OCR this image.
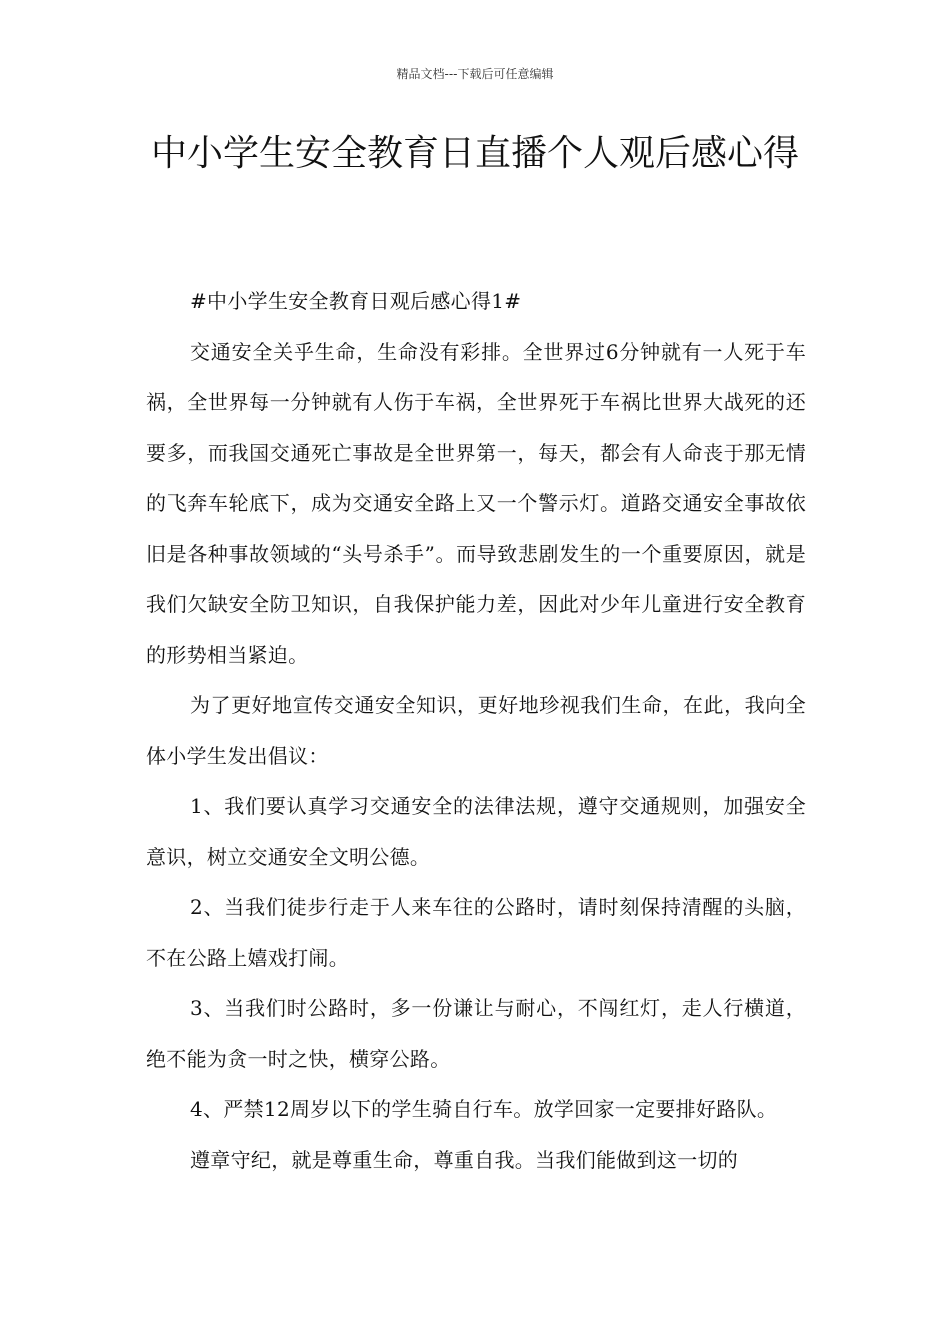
精品文档---下载后可任意编辑
中小学生安全教育日直播个人观后感心得

#中小学生安全教育日观后感心得1#

交通安全关乎生命，生命没有彩排。全世界过6分钟就有一人死于车祸，全世界每一分钟就有人伤于车祸，全世界死于车祸比世界大战死的还要多，而我国交通死亡事故是全世界第一，每天，都会有人命丧于那无情的飞奔车轮底下，成为交通安全路上又一个警示灯。道路交通安全事故依旧是各种事故领域的“头号杀手”。而导致悲剧发生的一个重要原因，就是我们欠缺安全防卫知识，自我保护能力差，因此对少年儿童进行安全教育的形势相当紧迫。

为了更好地宣传交通安全知识，更好地珍视我们生命，在此，我向全体小学生发出倡议：

1、我们要认真学习交通安全的法律法规，遵守交通规则，加强安全意识，树立交通安全文明公德。

2、当我们徒步行走于人来车往的公路时，请时刻保持清醒的头脑，不在公路上嬉戏打闹。

3、当我们时公路时，多一份谦让与耐心，不闯红灯，走人行横道，绝不能为贪一时之快，横穿公路。

4、严禁12周岁以下的学生骑自行车。放学回家一定要排好路队。

遵章守纪，就是尊重生命，尊重自我。当我们能做到这一切的
